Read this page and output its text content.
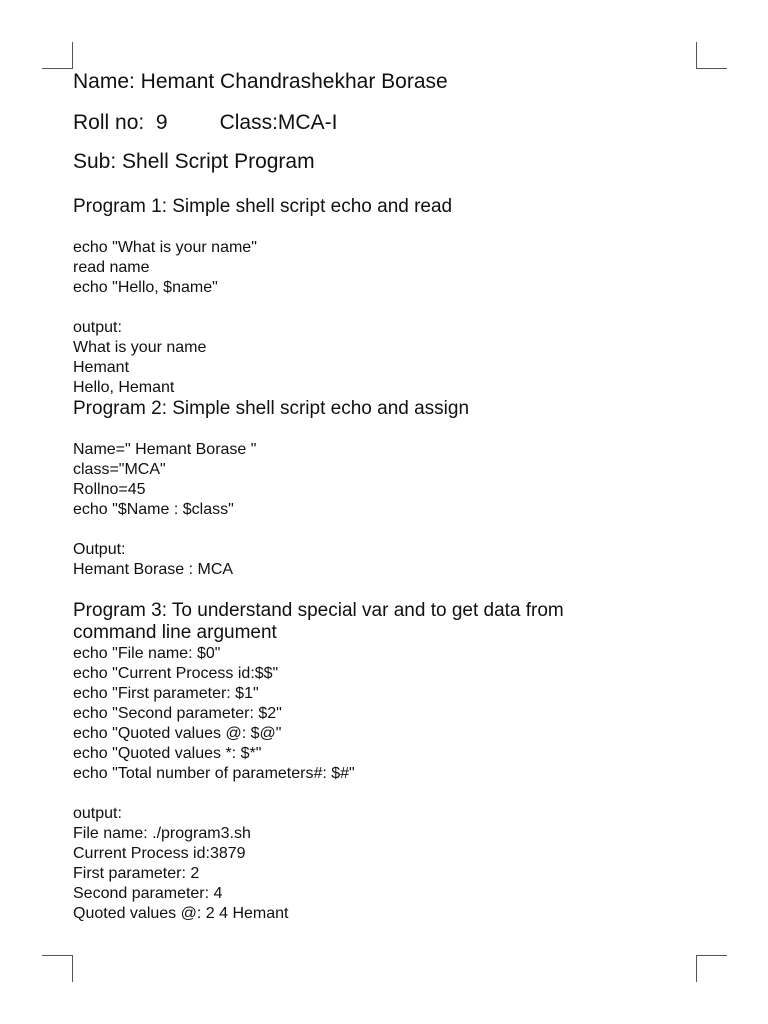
Name: Hemant Chandrashekhar Borase

Roll no:  9 Class:MCA-I

Sub: Shell Script Program

Program 1: Simple shell script echo and read

echo "What is your name"
read name
echo "Hello, $name"
output:
What is your name
Hemant
Hello, Hemant

Program 2: Simple shell script echo and assign

Name=" Hemant Borase "
class="MCA"
Rollno=45
echo "$Name : $class"
Output:
Hemant Borase : MCA

Program 3: To understand special var and to get data from
command line argument

echo "File name: $0"
echo "Current Process id:$$"
echo "First parameter: $1"
echo "Second parameter: $2"
echo "Quoted values @: $@"
echo "Quoted values *: $*"
echo "Total number of parameters#: $#"
output:
File name: ./program3.sh
Current Process id:3879
First parameter: 2
Second parameter: 4
Quoted values @: 2 4 Hemant
